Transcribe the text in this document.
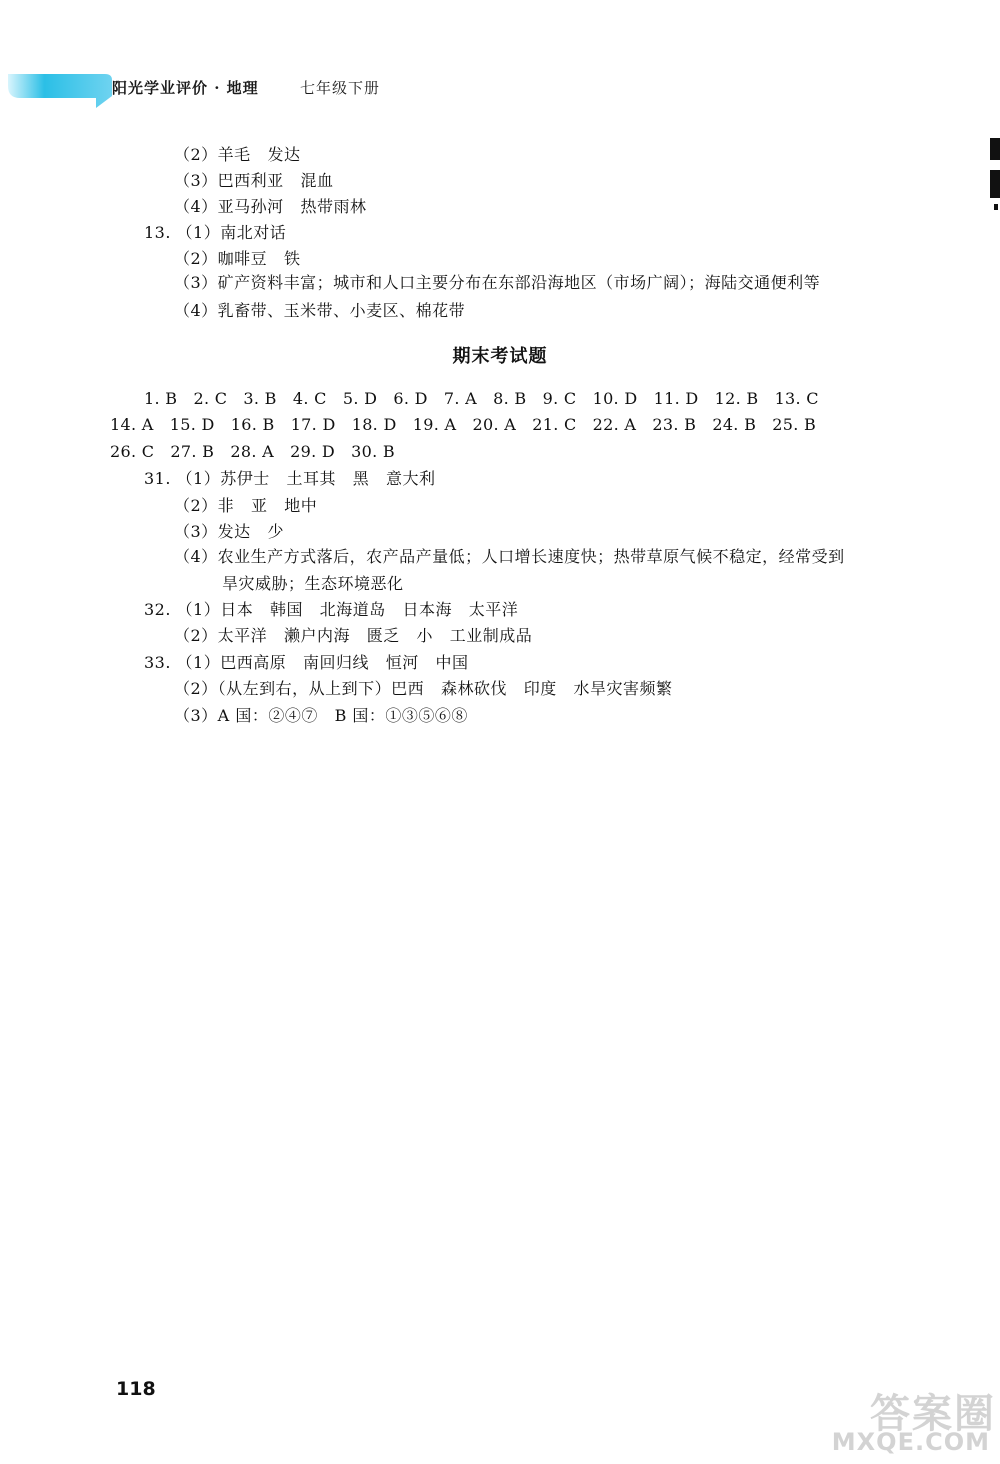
阳光学业评价 · 地理	七年级下册
（2）羊毛   发达
（3）巴西利亚   混血
（4）亚马孙河   热带雨林
13. （1）南北对话
（2）咖啡豆   铁
（3）矿产资料丰富；城市和人口主要分布在东部沿海地区（市场广阔）；海陆交通便利等
（4）乳畜带、玉米带、小麦区、棉花带
期末考试题
1. B   2. C   3. B   4. C   5. D   6. D   7. A   8. B   9. C   10. D   11. D   12. B   13. C
14. A   15. D   16. B   17. D   18. D   19. A   20. A   21. C   22. A   23. B   24. B   25. B
26. C   27. B   28. A   29. D   30. B
31. （1）苏伊士   土耳其   黑   意大利
（2）非   亚   地中
（3）发达   少
（4）农业生产方式落后，农产品产量低；人口增长速度快；热带草原气候不稳定，经常受到
旱灾威胁；生态环境恶化
32. （1）日本   韩国   北海道岛   日本海   太平洋
（2）太平洋   濑户内海   匮乏   小   工业制成品
33. （1）巴西高原   南回归线   恒河   中国
（2）（从左到右，从上到下）巴西   森林砍伐   印度   水旱灾害频繁
（3）A 国：②④⑦   B 国：①③⑤⑥⑧
118
答案圈
MXQE.COM
